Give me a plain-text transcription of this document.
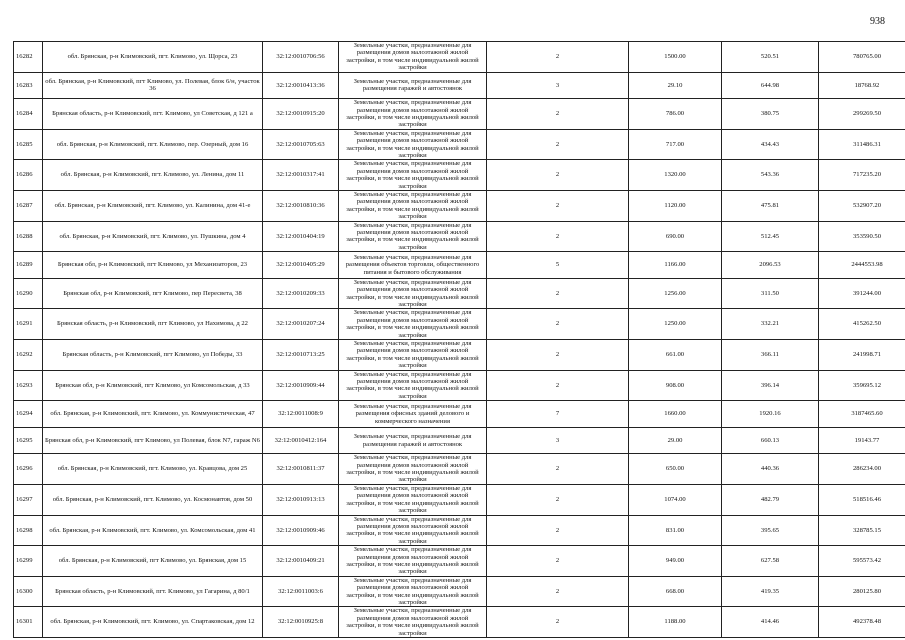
938
16282	обл. Брянская, р-н Климовский, пгт. Климово, ул. Щорса, 23	32:12:0010706:56	Земельные участки, предназначенные для размещения домов малоэтажной жилой застройки, в том числе индивидуальной жилой застройки	2	1500.00	520.51	780765.00
16283	обл. Брянская, р-н Климовский, пгт Климово, ул. Полевая, блок 6/н, участок 36	32:12:0010413:36	Земельные участки, предназначенные для размещения гаражей и автостоянок	3	29.10	644.98	18768.92
16284	Брянская область, р-н Климовский, пгт. Климово, ул Советская, д 121 а	32:12:0010915:20	Земельные участки, предназначенные для размещения домов малоэтажной жилой застройки, в том числе индивидуальной жилой застройки	2	786.00	380.75	299269.50
16285	обл. Брянская, р-н Климовский, пгт. Климово, пер. Озерный, дом 16	32:12:0010705:63	Земельные участки, предназначенные для размещения домов малоэтажной жилой застройки, в том числе индивидуальной жилой застройки	2	717.00	434.43	311486.31
16286	обл. Брянская, р-н Климовский, пгт. Климово, ул. Ленина, дом 11	32:12:0010317:41	Земельные участки, предназначенные для размещения домов малоэтажной жилой застройки, в том числе индивидуальной жилой застройки	2	1320.00	543.36	717235.20
16287	обл. Брянская, р-н Климовский, пгт. Климово, ул. Калинина, дом 41-е	32:12:0010810:36	Земельные участки, предназначенные для размещения домов малоэтажной жилой застройки, в том числе индивидуальной жилой застройки	2	1120.00	475.81	532907.20
16288	обл. Брянская, р-н Климовский, пгт. Климово, ул. Пушкина, дом 4	32:12:0010404:19	Земельные участки, предназначенные для размещения домов малоэтажной жилой застройки, в том числе индивидуальной жилой застройки	2	690.00	512.45	353590.50
16289	Брянская обл, р-н Климовский, пгт Климово, ул Механизаторов, 23	32:12:0010405:29	Земельные участки, предназначенные для размещения объектов торговли, общественного питания и бытового обслуживания	5	1166.00	2096.53	2444553.98
16290	Брянская обл, р-н Климовский, пгт Климово, пер Пересвета, 38	32:12:0010209:33	Земельные участки, предназначенные для размещения домов малоэтажной жилой застройки, в том числе индивидуальной жилой застройки	2	1256.00	311.50	391244.00
16291	Брянская область, р-н Климовский, пгт Климово, ул Нахимова, д 22	32:12:0010207:24	Земельные участки, предназначенные для размещения домов малоэтажной жилой застройки, в том числе индивидуальной жилой застройки	2	1250.00	332.21	415262.50
16292	Брянская область, р-н Климовский, пгт Климово, ул Победы, 33	32:12:0010713:25	Земельные участки, предназначенные для размещения домов малоэтажной жилой застройки, в том числе индивидуальной жилой застройки	2	661.00	366.11	241998.71
16293	Брянская обл, р-н Климовский, пгт Климово, ул Комсомольская, д 33	32:12:0010909:44	Земельные участки, предназначенные для размещения домов малоэтажной жилой застройки, в том числе индивидуальной жилой застройки	2	908.00	396.14	359695.12
16294	обл. Брянская, р-н Климовский, пгт. Климово, ул. Коммунистическая, 47	32:12:0011008:9	Земельные участки, предназначенные для размещения офисных зданий делового и коммерческого назначения	7	1660.00	1920.16	3187465.60
16295	Брянская обл, р-н Климовский, пгт Климово, ул Полевая, блок N7, гараж N6	32:12:0010412:164	Земельные участки, предназначенные для размещения гаражей и автостоянок	3	29.00	660.13	19143.77
16296	обл. Брянская, р-н Климовский, пгт. Климово, ул. Кравцова, дом 25	32:12:0010811:37	Земельные участки, предназначенные для размещения домов малоэтажной жилой застройки, в том числе индивидуальной жилой застройки	2	650.00	440.36	286234.00
16297	обл. Брянская, р-н Климовский, пгт. Климово, ул. Космонавтов, дом 50	32:12:0010913:13	Земельные участки, предназначенные для размещения домов малоэтажной жилой застройки, в том числе индивидуальной жилой застройки	2	1074.00	482.79	518516.46
16298	обл. Брянская, р-н Климовский, пгт. Климово, ул. Комсомольская, дом 41	32:12:0010909:46	Земельные участки, предназначенные для размещения домов малоэтажной жилой застройки, в том числе индивидуальной жилой застройки	2	831.00	395.65	328785.15
16299	обл. Брянская, р-н Климовский, пгт Климово, ул. Брянская, дом 15	32:12:0010409:21	Земельные участки, предназначенные для размещения домов малоэтажной жилой застройки, в том числе индивидуальной жилой застройки	2	949.00	627.58	595573.42
16300	Брянская область, р-н Климовский, пгт. Климово, ул Гагарина, д 80/1	32:12:0011003:6	Земельные участки, предназначенные для размещения домов малоэтажной жилой застройки, в том числе индивидуальной жилой застройки	2	668.00	419.35	280125.80
16301	обл. Брянская, р-н Климовский, пгт. Климово, ул. Спартаковская, дом 12	32:12:0010925:8	Земельные участки, предназначенные для размещения домов малоэтажной жилой застройки, в том числе индивидуальной жилой застройки	2	1188.00	414.46	492378.48
